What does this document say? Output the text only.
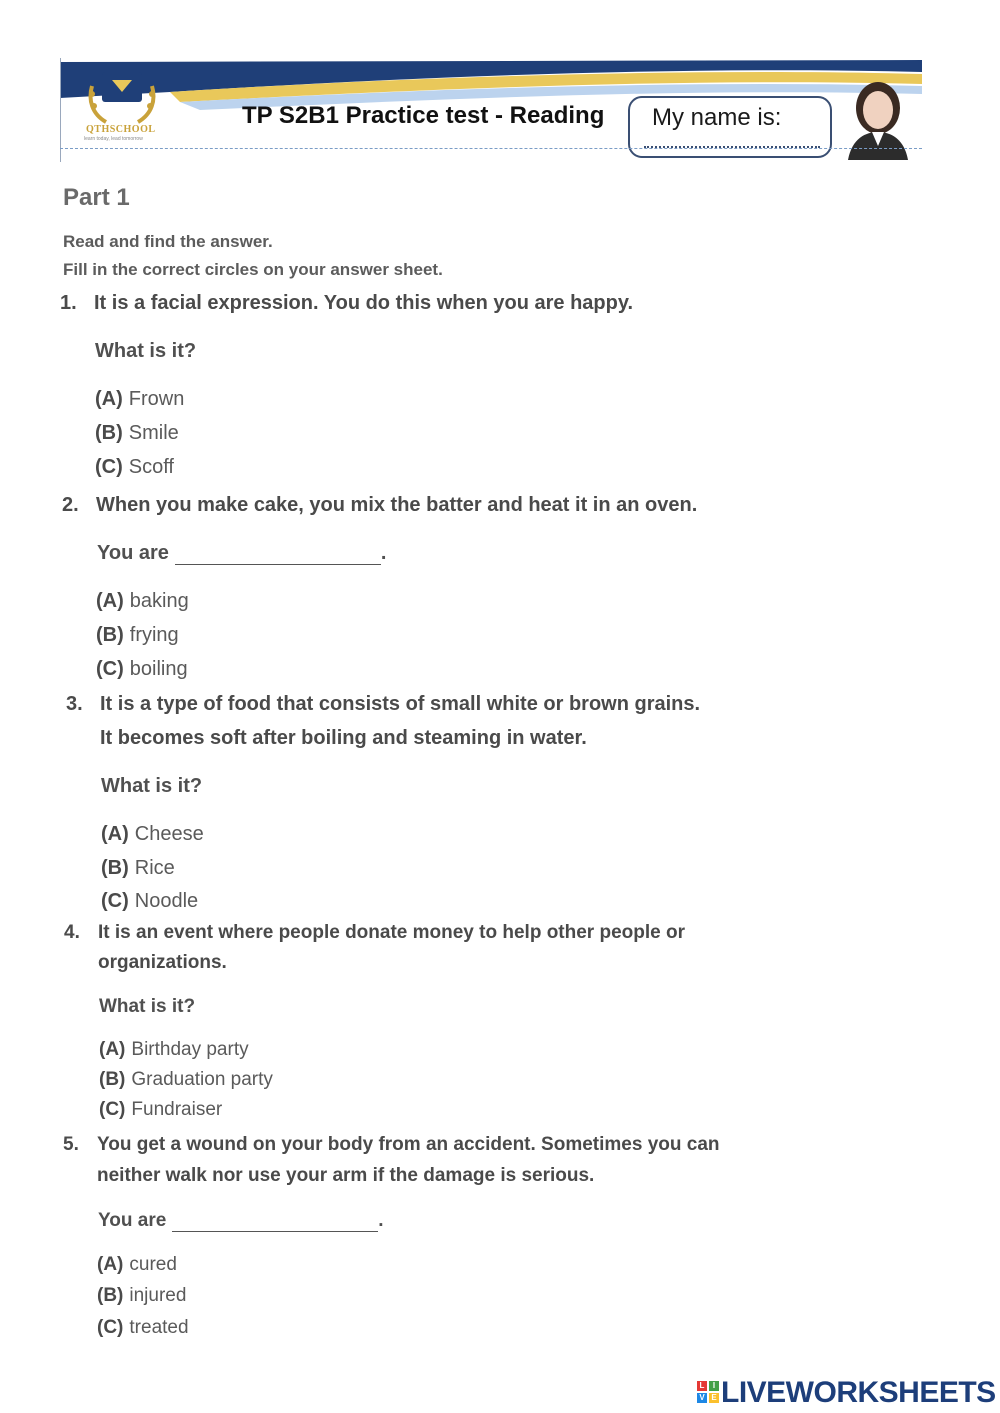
QTHSCHOOL
learn today, lead tomorrow
TP S2B1 Practice test - Reading My name is:
Part 1
Read and find the answer.
Fill in the correct circles on your answer sheet.
1. It is a facial expression. You do this when you are happy.
What is it?
(A) Frown
(B) Smile
(C) Scoff
2. When you make cake, you mix the batter and heat it in an oven.
You are	.
(A) baking
(B) frying
(C) boiling
3. It is a type of food that consists of small white or brown grains.
It becomes soft after boiling and steaming in water.
What is it?
(A) Cheese
(B) Rice
(C) Noodle
4. It is an event where people donate money to help other people or
organizations.
What is it?
(A) Birthday party
(B) Graduation party
(C) Fundraiser
5. You get a wound on your body from an accident. Sometimes you can
neither walk nor use your arm if the damage is serious.
You are	.
(A) cured
(B) injured
(C) treated
L	I
V E LIVEWORKSHEETS
